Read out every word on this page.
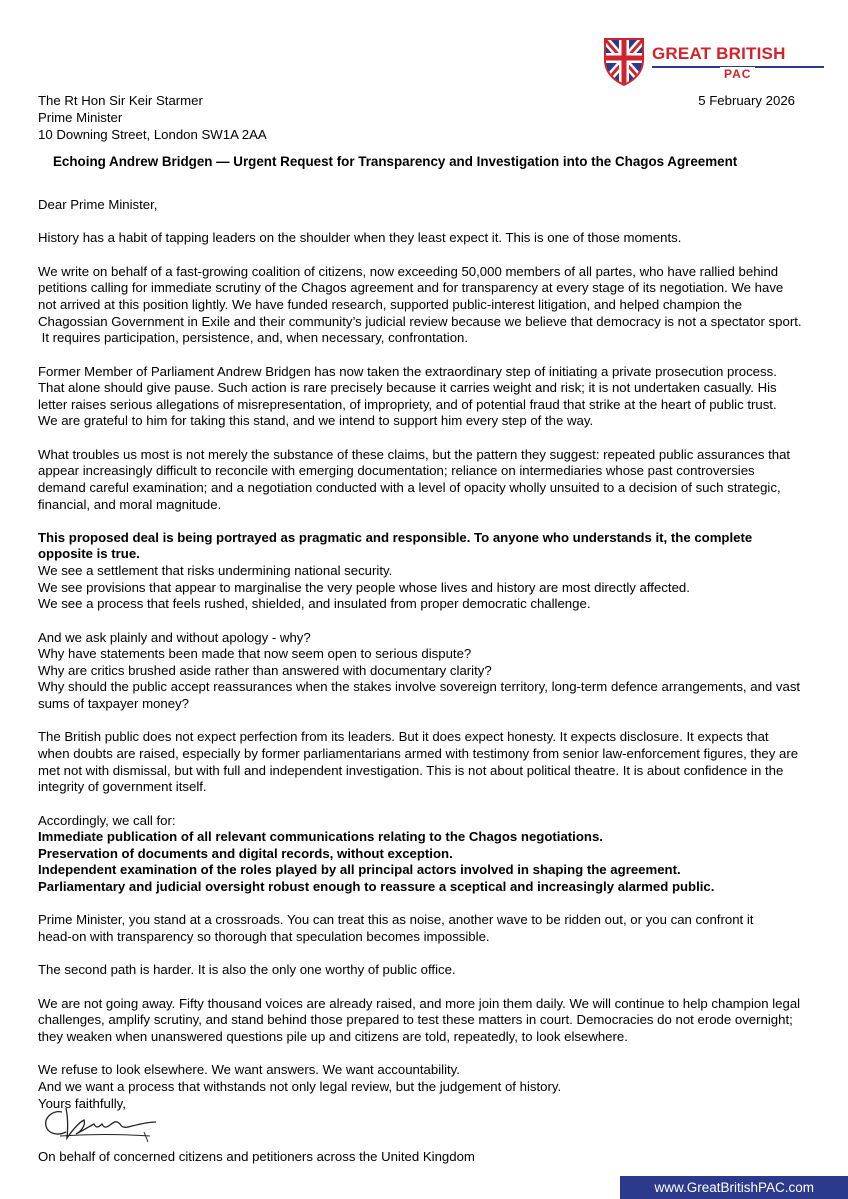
GREAT BRITISH
PAC
The Rt Hon Sir Keir Starmer
Prime Minister
10 Downing Street, London SW1A 2AA
5 February 2026
Echoing Andrew Bridgen — Urgent Request for Transparency and Investigation into the Chagos Agreement
Dear Prime Minister,
History has a habit of tapping leaders on the shoulder when they least expect it. This is one of those moments.
We write on behalf of a fast-growing coalition of citizens, now exceeding 50,000 members of all partes, who have rallied behind
petitions calling for immediate scrutiny of the Chagos agreement and for transparency at every stage of its negotiation. We have
not arrived at this position lightly. We have funded research, supported public-interest litigation, and helped champion the
Chagossian Government in Exile and their community’s judicial review because we believe that democracy is not a spectator sport.
It requires participation, persistence, and, when necessary, confrontation.
Former Member of Parliament Andrew Bridgen has now taken the extraordinary step of initiating a private prosecution process.
That alone should give pause. Such action is rare precisely because it carries weight and risk; it is not undertaken casually. His
letter raises serious allegations of misrepresentation, of impropriety, and of potential fraud that strike at the heart of public trust.
We are grateful to him for taking this stand, and we intend to support him every step of the way.
What troubles us most is not merely the substance of these claims, but the pattern they suggest: repeated public assurances that
appear increasingly difficult to reconcile with emerging documentation; reliance on intermediaries whose past controversies
demand careful examination; and a negotiation conducted with a level of opacity wholly unsuited to a decision of such strategic,
financial, and moral magnitude.
This proposed deal is being portrayed as pragmatic and responsible. To anyone who understands it, the complete
opposite is true.
We see a settlement that risks undermining national security.
We see provisions that appear to marginalise the very people whose lives and history are most directly affected.
We see a process that feels rushed, shielded, and insulated from proper democratic challenge.
And we ask plainly and without apology - why?
Why have statements been made that now seem open to serious dispute?
Why are critics brushed aside rather than answered with documentary clarity?
Why should the public accept reassurances when the stakes involve sovereign territory, long-term defence arrangements, and vast
sums of taxpayer money?
The British public does not expect perfection from its leaders. But it does expect honesty. It expects disclosure. It expects that
when doubts are raised, especially by former parliamentarians armed with testimony from senior law-enforcement figures, they are
met not with dismissal, but with full and independent investigation. This is not about political theatre. It is about confidence in the
integrity of government itself.
Accordingly, we call for:
Immediate publication of all relevant communications relating to the Chagos negotiations.
Preservation of documents and digital records, without exception.
Independent examination of the roles played by all principal actors involved in shaping the agreement.
Parliamentary and judicial oversight robust enough to reassure a sceptical and increasingly alarmed public.
Prime Minister, you stand at a crossroads. You can treat this as noise, another wave to be ridden out, or you can confront it
head-on with transparency so thorough that speculation becomes impossible.
The second path is harder. It is also the only one worthy of public office.
We are not going away. Fifty thousand voices are already raised, and more join them daily. We will continue to help champion legal
challenges, amplify scrutiny, and stand behind those prepared to test these matters in court. Democracies do not erode overnight;
they weaken when unanswered questions pile up and citizens are told, repeatedly, to look elsewhere.
We refuse to look elsewhere. We want answers. We want accountability.
And we want a process that withstands not only legal review, but the judgement of history.
Yours faithfully,
On behalf of concerned citizens and petitioners across the United Kingdom
www.GreatBritishPAC.com
